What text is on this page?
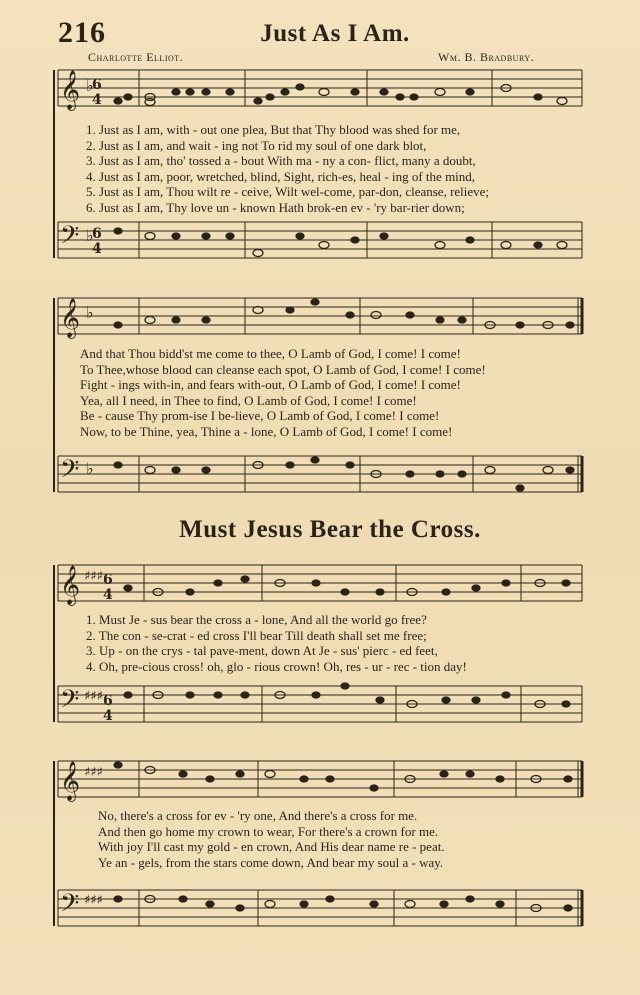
216	Just As I Am.
Charlotte Elliot.	Wm. B. Bradbury.
𝄞
𝄢
♭
6
4
♭
6
4
𝄞
𝄢
♭
♭
𝄞
𝄢
♯♯♯ 6
4
♯♯♯ 6
4
𝄞
𝄢
♯♯♯
♯♯♯
1. Just as I am, with - out one plea, But that Thy blood was shed for me,
2. Just as I am, and wait - ing not To rid my soul of one dark blot,
3. Just as I am, tho' tossed a - bout With ma - ny a con- flict, many a doubt,
4. Just as I am, poor, wretched, blind, Sight, rich-es, heal - ing of the mind,
5. Just as I am, Thou wilt re - ceive, Wilt wel-come, par-don, cleanse, relieve;
6. Just as I am, Thy love un - known Hath brok-en ev - 'ry bar-rier down;
And that Thou bidd'st me come to thee, O Lamb of God, I come! I come!
To Thee,whose blood can cleanse each spot, O Lamb of God, I come! I come!
Fight - ings with-in, and fears with-out, O Lamb of God, I come! I come!
Yea, all I need, in Thee to find, O Lamb of God, I come! I come!
Be - cause Thy prom-ise I be-lieve, O Lamb of God, I come! I come!
Now, to be Thine, yea, Thine a - lone, O Lamb of God, I come! I come!
Must Jesus Bear the Cross.
1. Must Je - sus bear the cross a - lone, And all the world go free?
2. The con - se-crat - ed cross I'll bear Till death shall set me free;
3. Up - on the crys - tal pave-ment, down At Je - sus' pierc - ed feet,
4. Oh, pre-cious cross! oh, glo - rious crown! Oh, res - ur - rec - tion day!
No, there's a cross for ev - 'ry one, And there's a cross for me.
And then go home my crown to wear, For there's a crown for me.
With joy I'll cast my gold - en crown, And His dear name re - peat.
Ye an - gels, from the stars come down, And bear my soul a - way.
